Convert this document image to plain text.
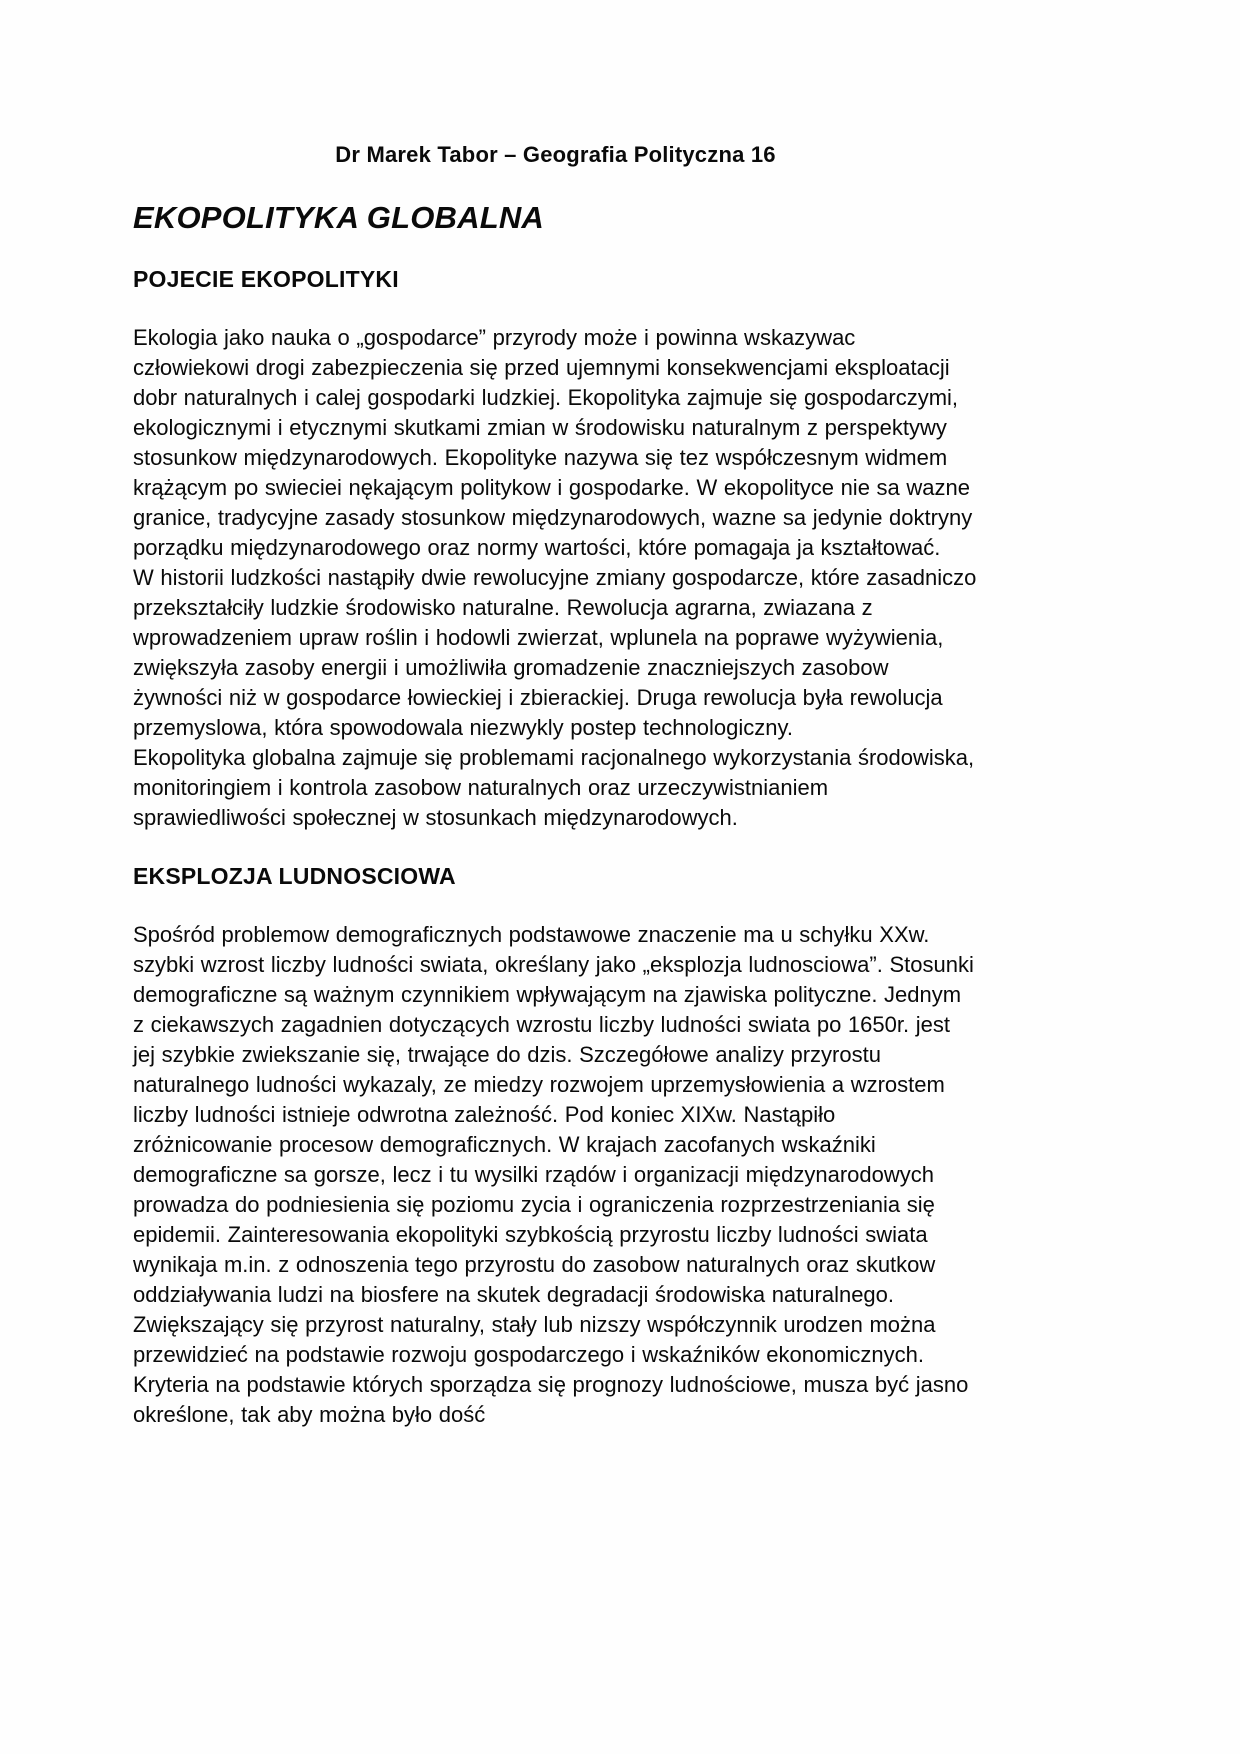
Dr Marek Tabor – Geografia Polityczna 16
EKOPOLITYKA GLOBALNA
POJECIE EKOPOLITYKI

Ekologia jako nauka o „gospodarce” przyrody może i powinna wskazywac człowiekowi drogi zabezpieczenia się przed ujemnymi konsekwencjami eksploatacji dobr naturalnych i calej gospodarki ludzkiej. Ekopolityka zajmuje się gospodarczymi, ekologicznymi i etycznymi skutkami zmian w środowisku naturalnym z perspektywy stosunkow międzynarodowych. Ekopolityke nazywa się tez współczesnym widmem krążącym po swieciei nękającym politykow i gospodarke. W ekopolityce nie sa wazne granice, tradycyjne zasady stosunkow międzynarodowych, wazne sa jedynie doktryny porządku międzynarodowego oraz normy wartości, które pomagaja ja kształtować.

W historii ludzkości nastąpiły dwie rewolucyjne zmiany gospodarcze, które zasadniczo przekształciły ludzkie środowisko naturalne. Rewolucja agrarna, zwiazana z wprowadzeniem upraw roślin i hodowli zwierzat, wplunela na poprawe wyżywienia, zwiększyła zasoby energii i umożliwiła gromadzenie znaczniejszych zasobow żywności niż w gospodarce łowieckiej i zbierackiej. Druga rewolucja była rewolucja przemyslowa, która spowodowala niezwykly postep technologiczny.

Ekopolityka globalna zajmuje się problemami racjonalnego wykorzystania środowiska, monitoringiem i kontrola zasobow naturalnych oraz urzeczywistnianiem sprawiedliwości społecznej w stosunkach międzynarodowych.

EKSPLOZJA LUDNOSCIOWA

Spośród problemow demograficznych podstawowe znaczenie ma u schyłku XXw. szybki wzrost liczby ludności swiata, określany jako „eksplozja ludnosciowa”. Stosunki demograficzne są ważnym czynnikiem wpływającym na zjawiska polityczne. Jednym z ciekawszych zagadnien dotyczących wzrostu liczby ludności swiata po 1650r. jest jej szybkie zwiekszanie się, trwające do dzis. Szczegółowe analizy przyrostu naturalnego ludności wykazaly, ze miedzy rozwojem uprzemysłowienia a wzrostem liczby ludności istnieje odwrotna zależność. Pod koniec XIXw. Nastąpiło zróżnicowanie procesow demograficznych. W krajach zacofanych wskaźniki demograficzne sa gorsze, lecz i tu wysilki rządów i organizacji międzynarodowych prowadza do podniesienia się poziomu zycia i ograniczenia rozprzestrzeniania się epidemii. Zainteresowania ekopolityki szybkością przyrostu liczby ludności swiata wynikaja m.in. z odnoszenia tego przyrostu do zasobow naturalnych oraz skutkow oddziaływania ludzi na biosfere na skutek degradacji środowiska naturalnego. Zwiększający się przyrost naturalny, stały lub nizszy współczynnik urodzen można przewidzieć na podstawie rozwoju gospodarczego i wskaźników ekonomicznych. Kryteria na podstawie których sporządza się prognozy ludnościowe, musza być jasno określone, tak aby można było dość
